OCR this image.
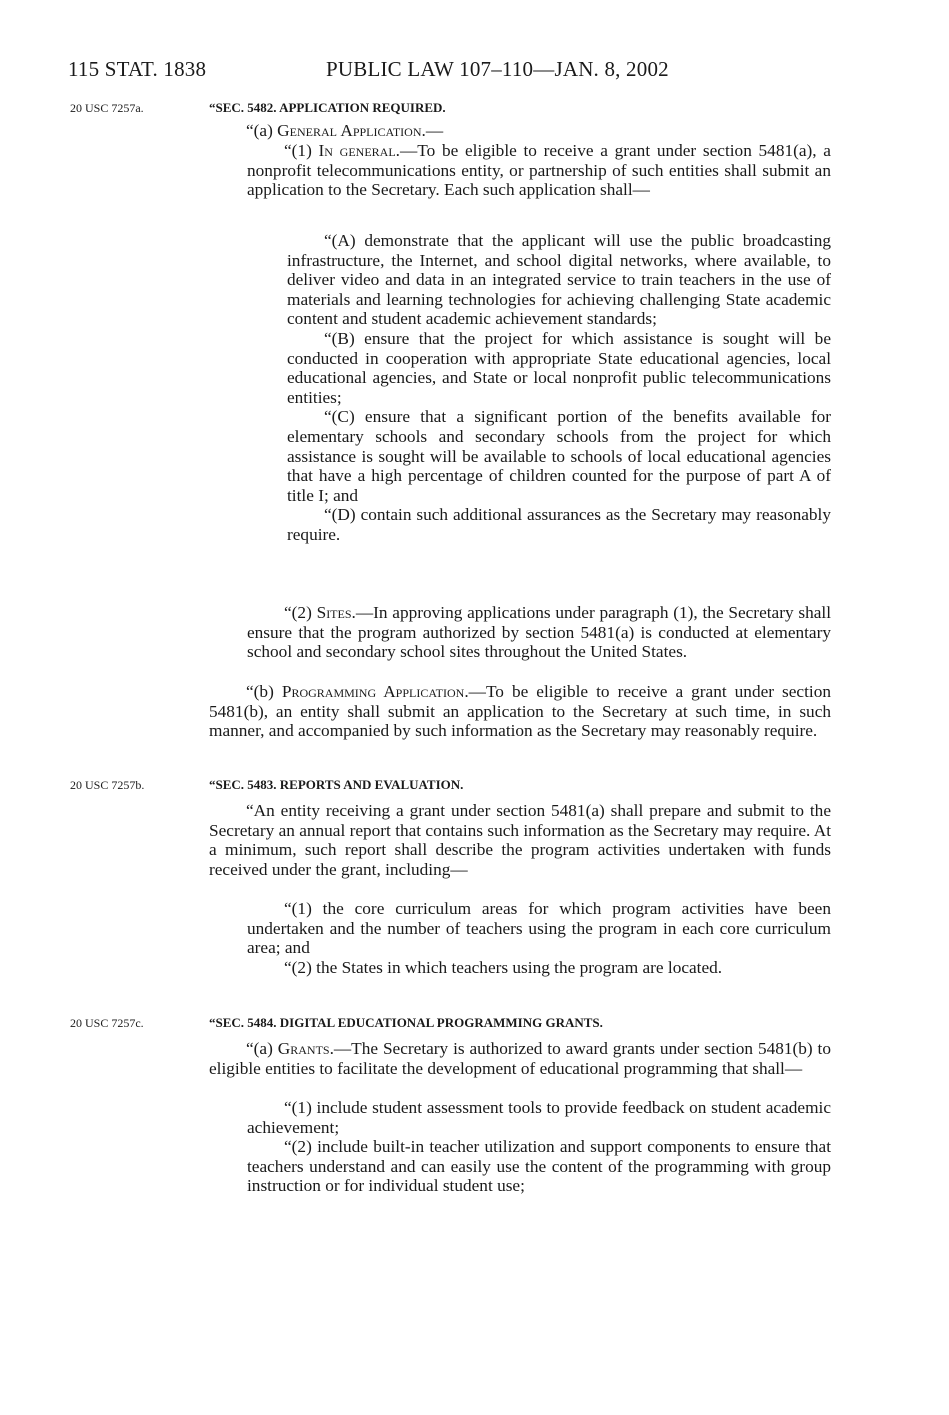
115 STAT. 1838	PUBLIC LAW 107–110—JAN. 8, 2002
20 USC 7257a.	“SEC. 5482. APPLICATION REQUIRED.

“(a) General Application.—

“(1) In general.—To be eligible to receive a grant under section 5481(a), a nonprofit telecommunications entity, or partnership of such entities shall submit an application to the Secretary. Each such application shall—

“(A) demonstrate that the applicant will use the public broadcasting infrastructure, the Internet, and school digital networks, where available, to deliver video and data in an integrated service to train teachers in the use of materials and learning technologies for achieving challenging State academic content and student academic achievement standards;

“(B) ensure that the project for which assistance is sought will be conducted in cooperation with appropriate State educational agencies, local educational agencies, and State or local nonprofit public telecommunications entities;

“(C) ensure that a significant portion of the benefits available for elementary schools and secondary schools from the project for which assistance is sought will be available to schools of local educational agencies that have a high percentage of children counted for the purpose of part A of title I; and

“(D) contain such additional assurances as the Secretary may reasonably require.

“(2) Sites.—In approving applications under paragraph (1), the Secretary shall ensure that the program authorized by section 5481(a) is conducted at elementary school and secondary school sites throughout the United States.

“(b) Programming Application.—To be eligible to receive a grant under section 5481(b), an entity shall submit an application to the Secretary at such time, in such manner, and accompanied by such information as the Secretary may reasonably require.

20 USC 7257b.	“SEC. 5483. REPORTS AND EVALUATION.

“An entity receiving a grant under section 5481(a) shall prepare and submit to the Secretary an annual report that contains such information as the Secretary may require. At a minimum, such report shall describe the program activities undertaken with funds received under the grant, including—

“(1) the core curriculum areas for which program activities have been undertaken and the number of teachers using the program in each core curriculum area; and

“(2) the States in which teachers using the program are located.

20 USC 7257c.	“SEC. 5484. DIGITAL EDUCATIONAL PROGRAMMING GRANTS.

“(a) Grants.—The Secretary is authorized to award grants under section 5481(b) to eligible entities to facilitate the development of educational programming that shall—

“(1) include student assessment tools to provide feedback on student academic achievement;

“(2) include built-in teacher utilization and support components to ensure that teachers understand and can easily use the content of the programming with group instruction or for individual student use;
